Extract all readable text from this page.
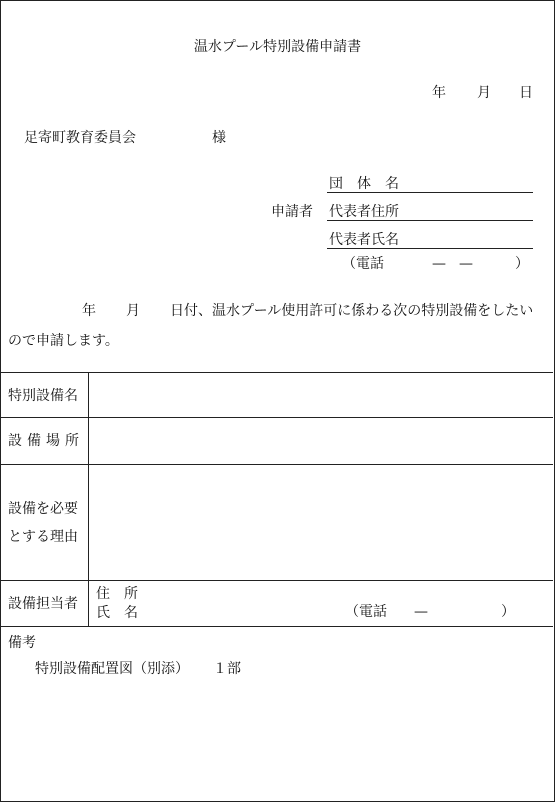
温水プール特別設備申請書
年 月 日
足寄町教育委員会	様
団　体　名
申請者 代表者住所
代表者氏名
（電話	— —	）
年 月 日付、温水プール使用許可に係わる次の特別設備をしたい
ので申請します。
特別設備名
設備場所
設備を必要
とする理由
設備担当者
住　所
氏　名	（電話 —	）
備考
特別設備配置図（別添） １部
